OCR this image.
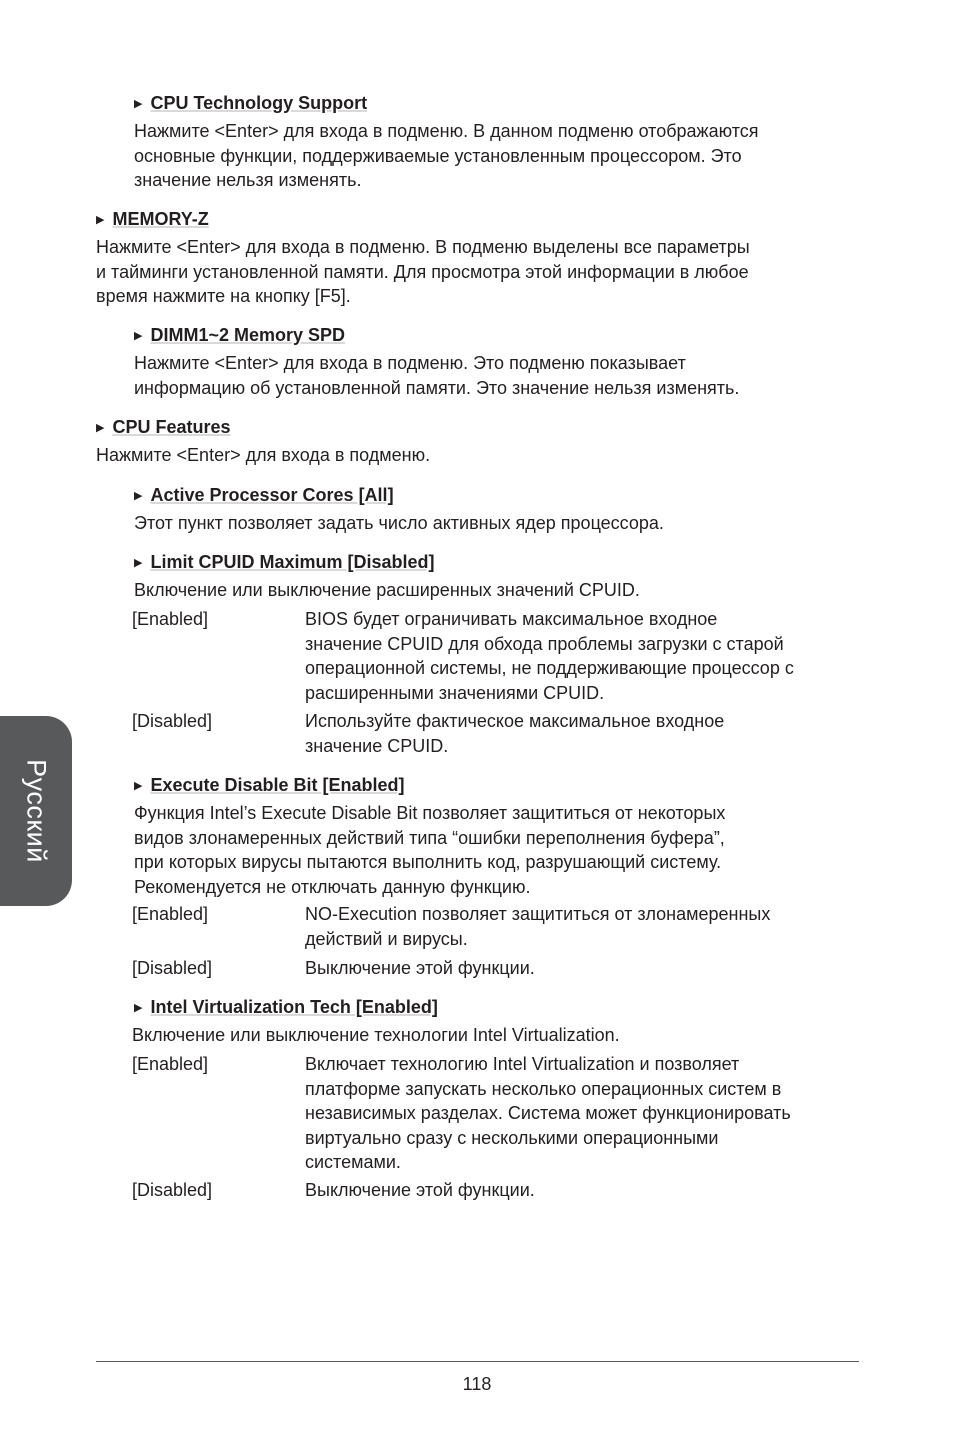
Русский
▶ CPU Technology Support
Нажмите <Enter> для входа в подменю. В данном подменю отображаются
основные функции, поддерживаемые установленным процессором. Это
значение нельзя изменять.
▶ MEMORY-Z
Нажмите <Enter> для входа в подменю. В подменю выделены все параметры
и тайминги установленной памяти. Для просмотра этой информации в любое
время нажмите на кнопку [F5].
▶ DIMM1~2 Memory SPD
Нажмите <Enter> для входа в подменю. Это подменю показывает
информацию об установленной памяти. Это значение нельзя изменять.
▶ CPU Features
Нажмите <Enter> для входа в подменю.
▶ Active Processor Cores [All]
Этот пункт позволяет задать число активных ядер процессора.
▶ Limit CPUID Maximum [Disabled]
Включение или выключение расширенных значений CPUID.
[Enabled]	BIOS будет ограничивать максимальное входное
значение CPUID для обхода проблемы загрузки с старой
операционной системы, не поддерживающие процессор с
расширенными значениями CPUID.
[Disabled]	Используйте фактическое максимальное входное
значение CPUID.
▶ Execute Disable Bit [Enabled]
Функция Intel’s Execute Disable Bit позволяет защититься от некоторых
видов злонамеренных действий типа “ошибки переполнения буфера”,
при которых вирусы пытаются выполнить код, разрушающий систему.
Рекомендуется не отключать данную функцию.
[Enabled]	NO-Execution позволяет защититься от злонамеренных
действий и вирусы.
[Disabled]	Выключение этой функции.
▶ Intel Virtualization Tech [Enabled]
Включение или выключение технологии Intel Virtualization.
[Enabled]	Включает технологию Intel Virtualization и позволяет
платформе запускать несколько операционных систем в
независимых разделах. Система может функционировать
виртуально сразу с несколькими операционными
системами.
[Disabled]	Выключение этой функции.
118
